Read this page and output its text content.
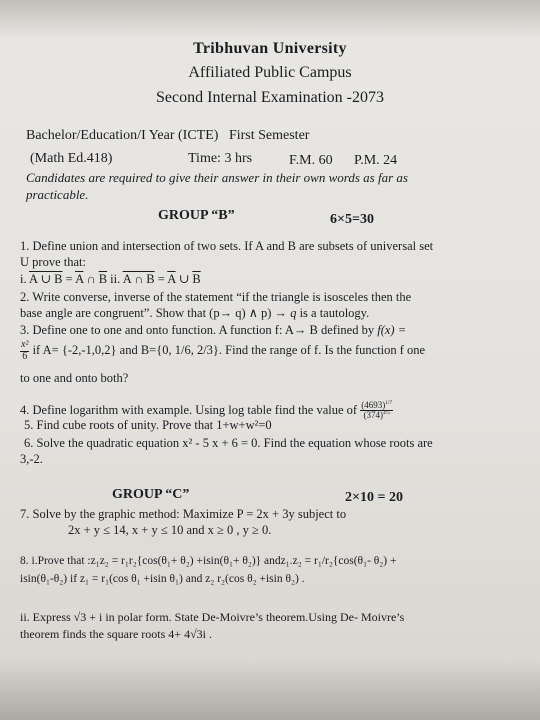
Tribhuvan University
Affiliated Public Campus
Second Internal Examination -2073
Bachelor/Education/I Year (ICTE) First Semester
(Math Ed.418)	Time: 3 hrs	F.M. 60 P.M. 24
Candidates are required to give their answer in their own words as far as
practicable.
GROUP “B”	6×5=30
1. Define union and intersection of two sets. If A and B are subsets of universal set
U prove that:
i. A ∪ $B = \overline{A}$ ∩ $\overline{B}$ ii. A ∩ $B = \overline{A}$ ∪ $\overline{B}$
2. Write converse, inverse of the statement “if the triangle is isosceles then the
base angle are congruent”. Show that (p→ q) ∧ p) → q is a tautology.
3. Define one to one and onto function. A function f: A→ B defined by f(x) =
$\frac{\text{x²}}{6}$ if A= {-2,-1,0,2} and B={0, 1/6, 2/3}. Find the range of f. Is the function f one
to one and onto both?
4. Define logarithm with example. Using log table find the value of $\frac{(4693)^{1/7}}{(374)^{4/5}}$
5. Find cube roots of unity. Prove that 1+w+w²=0
6. Solve the quadratic equation x² - 5 x + 6 = 0. Find the equation whose roots are
3,-2.
GROUP “C”	2×10 = 20
7. Solve by the graphic method: Maximize P = 2x + 3y subject to
2x + y ≤ 14, x + y ≤ 10 and x ≥ 0 , y ≥ 0.
8. i.Prove that :z₁z₂ = r₁r₂{cos(θ₁+ θ₂) +isin(θ₁+ θ₂)} andz₁.z₂ = r₁/r₂{cos(θ₁- θ₂) +
isin(θ₁-θ₂) if z₁ = r₁(cos θ₁ +isin θ₁) and z₂ r₂(cos θ₂ +isin θ₂) .
ii. Express √3 + i in polar form. State De-Moivre’s theorem.Using De- Moivre’s
theorem finds the square roots 4+ 4√3i .
